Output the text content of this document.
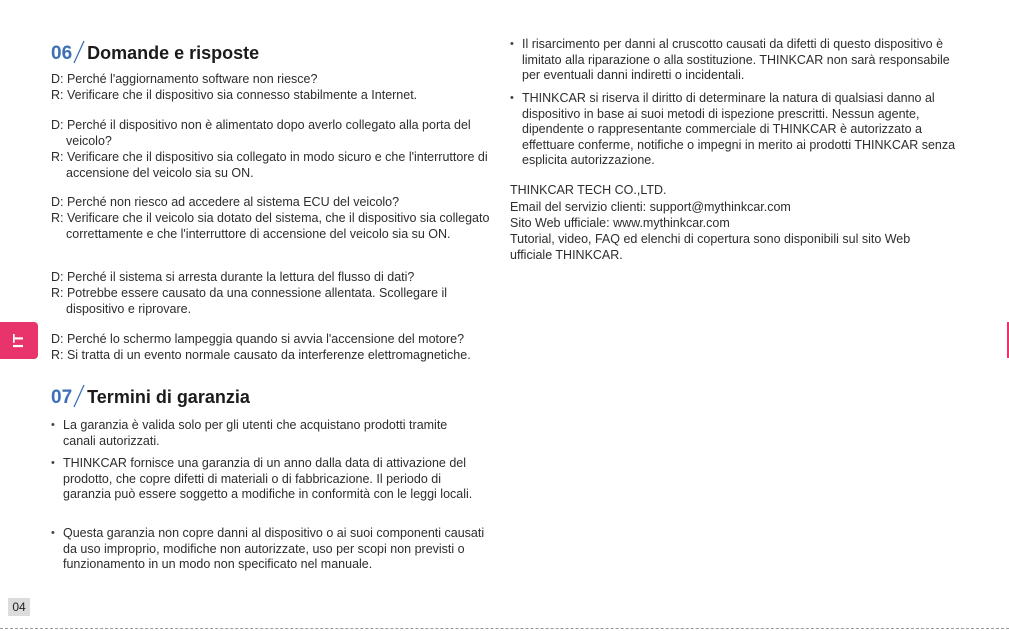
06 Domande e risposte

D: Perché l'aggiornamento software non riesce?

R: Verificare che il dispositivo sia connesso stabilmente a Internet.

D: Perché il dispositivo non è alimentato dopo averlo collegato alla porta del veicolo?

R: Verificare che il dispositivo sia collegato in modo sicuro e che l'interruttore di accensione del veicolo sia su ON.

D: Perché non riesco ad accedere al sistema ECU del veicolo?

R: Verificare che il veicolo sia dotato del sistema, che il dispositivo sia collegato correttamente e che l'interruttore di accensione del veicolo sia su ON.

D: Perché il sistema si arresta durante la lettura del flusso di dati?

R: Potrebbe essere causato da una connessione allentata. Scollegare il dispositivo e riprovare.

D: Perché lo schermo lampeggia quando si avvia l'accensione del motore?

R: Si tratta di un evento normale causato da interferenze elettromagnetiche.

07 Termini di garanzia

• La garanzia è valida solo per gli utenti che acquistano prodotti tramite canali autorizzati.

• THINKCAR fornisce una garanzia di un anno dalla data di attivazione del prodotto, che copre difetti di materiali o di fabbricazione. Il periodo di garanzia può essere soggetto a modifiche in conformità con le leggi locali.

• Questa garanzia non copre danni al dispositivo o ai suoi componenti causati da uso improprio, modifiche non autorizzate, uso per scopi non previsti o funzionamento in un modo non specificato nel manuale.

• Il risarcimento per danni al cruscotto causati da difetti di questo dispositivo è limitato alla riparazione o alla sostituzione. THINKCAR non sarà responsabile per eventuali danni indiretti o incidentali.

• THINKCAR si riserva il diritto di determinare la natura di qualsiasi danno al dispositivo in base ai suoi metodi di ispezione prescritti. Nessun agente, dipendente o rappresentante commerciale di THINKCAR è autorizzato a effettuare conferme, notifiche o impegni in merito ai prodotti THINKCAR senza esplicita autorizzazione.

THINKCAR TECH CO.,LTD.

Email del servizio clienti: support@mythinkcar.com

Sito Web ufficiale: www.mythinkcar.com

Tutorial, video, FAQ ed elenchi di copertura sono disponibili sul sito Web ufficiale THINKCAR.

IT
04
